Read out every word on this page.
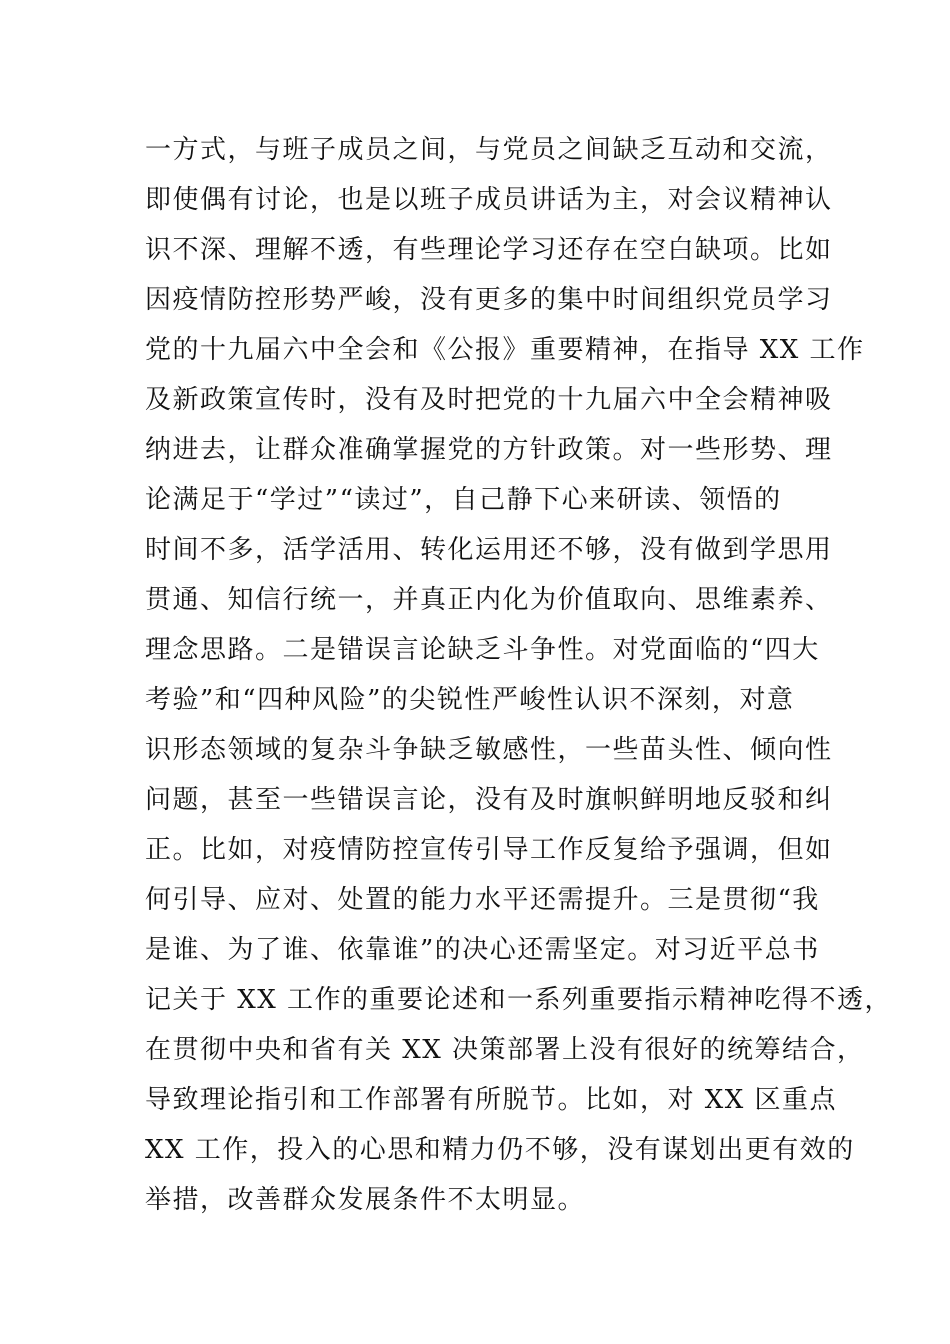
一方式，与班子成员之间，与党员之间缺乏互动和交流，
即使偶有讨论，也是以班子成员讲话为主，对会议精神认
识不深、理解不透，有些理论学习还存在空白缺项。比如
因疫情防控形势严峻，没有更多的集中时间组织党员学习
党的十九届六中全会和《公报》重要精神，在指导 XX 工作
及新政策宣传时，没有及时把党的十九届六中全会精神吸
纳进去，让群众准确掌握党的方针政策。对一些形势、理
论满足于“学过”“读过”，自己静下心来研读、领悟的
时间不多，活学活用、转化运用还不够，没有做到学思用
贯通、知信行统一，并真正内化为价值取向、思维素养、
理念思路。二是错误言论缺乏斗争性。对党面临的“四大
考验”和“四种风险”的尖锐性严峻性认识不深刻，对意
识形态领域的复杂斗争缺乏敏感性，一些苗头性、倾向性
问题，甚至一些错误言论，没有及时旗帜鲜明地反驳和纠
正。比如，对疫情防控宣传引导工作反复给予强调，但如
何引导、应对、处置的能力水平还需提升。三是贯彻“我
是谁、为了谁、依靠谁”的决心还需坚定。对习近平总书
记关于 XX 工作的重要论述和一系列重要指示精神吃得不透，
在贯彻中央和省有关 XX 决策部署上没有很好的统筹结合，
导致理论指引和工作部署有所脱节。比如，对 XX 区重点
XX 工作，投入的心思和精力仍不够，没有谋划出更有效的
举措，改善群众发展条件不太明显。
